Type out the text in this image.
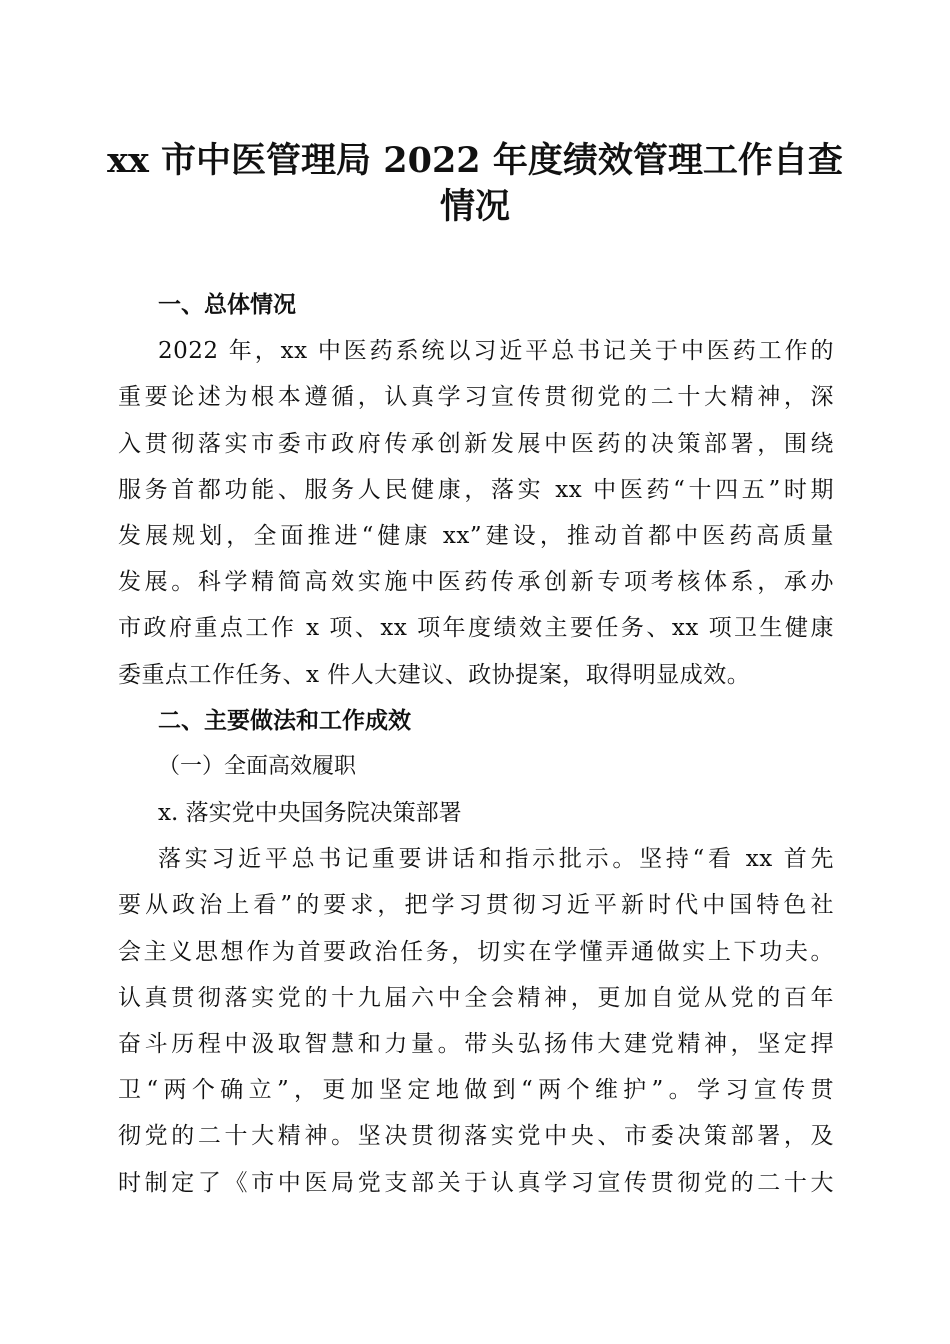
xx 市中医管理局 2022 年度绩效管理工作自查
情况
一、总体情况
2022 年，xx 中医药系统以习近平总书记关于中医药工作的
重要论述为根本遵循，认真学习宣传贯彻党的二十大精神，深
入贯彻落实市委市政府传承创新发展中医药的决策部署，围绕
服务首都功能、服务人民健康，落实 xx 中医药“十四五”时期
发展规划，全面推进“健康 xx”建设，推动首都中医药高质量
发展。科学精简高效实施中医药传承创新专项考核体系，承办
市政府重点工作 x 项、xx 项年度绩效主要任务、xx 项卫生健康
委重点工作任务、x 件人大建议、政协提案，取得明显成效。
二、主要做法和工作成效
（一）全面高效履职
x. 落实党中央国务院决策部署
落实习近平总书记重要讲话和指示批示。坚持“看 xx 首先
要从政治上看”的要求，把学习贯彻习近平新时代中国特色社
会主义思想作为首要政治任务，切实在学懂弄通做实上下功夫。
认真贯彻落实党的十九届六中全会精神，更加自觉从党的百年
奋斗历程中汲取智慧和力量。带头弘扬伟大建党精神，坚定捍
卫“两个确立”，更加坚定地做到“两个维护”。学习宣传贯
彻党的二十大精神。坚决贯彻落实党中央、市委决策部署，及
时制定了《市中医局党支部关于认真学习宣传贯彻党的二十大
